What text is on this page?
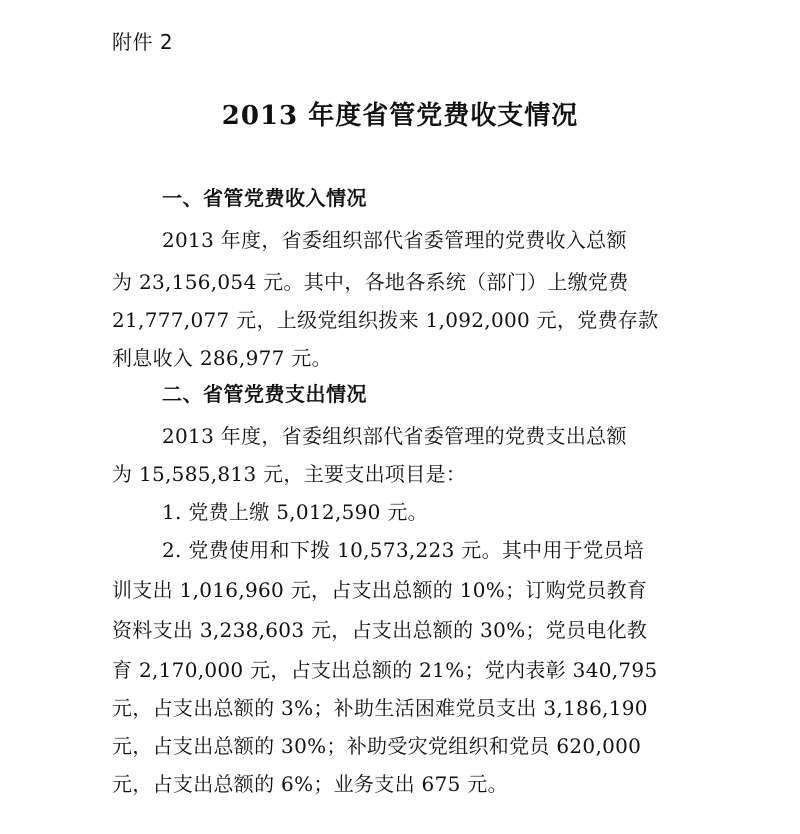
附件 2
2013 年度省管党费收支情况
一、省管党费收入情况
2013 年度，省委组织部代省委管理的党费收入总额
为 23,156,054 元。其中，各地各系统（部门）上缴党费
21,777,077 元，上级党组织拨来 1,092,000 元，党费存款
利息收入 286,977 元。
二、省管党费支出情况
2013 年度，省委组织部代省委管理的党费支出总额
为 15,585,813 元，主要支出项目是：
1. 党费上缴 5,012,590 元。
2. 党费使用和下拨 10,573,223 元。其中用于党员培
训支出 1,016,960 元，占支出总额的 10%；订购党员教育
资料支出 3,238,603 元，占支出总额的 30%；党员电化教
育 2,170,000 元，占支出总额的 21%；党内表彰 340,795
元，占支出总额的 3%；补助生活困难党员支出 3,186,190
元，占支出总额的 30%；补助受灾党组织和党员 620,000
元，占支出总额的 6%；业务支出 675 元。
